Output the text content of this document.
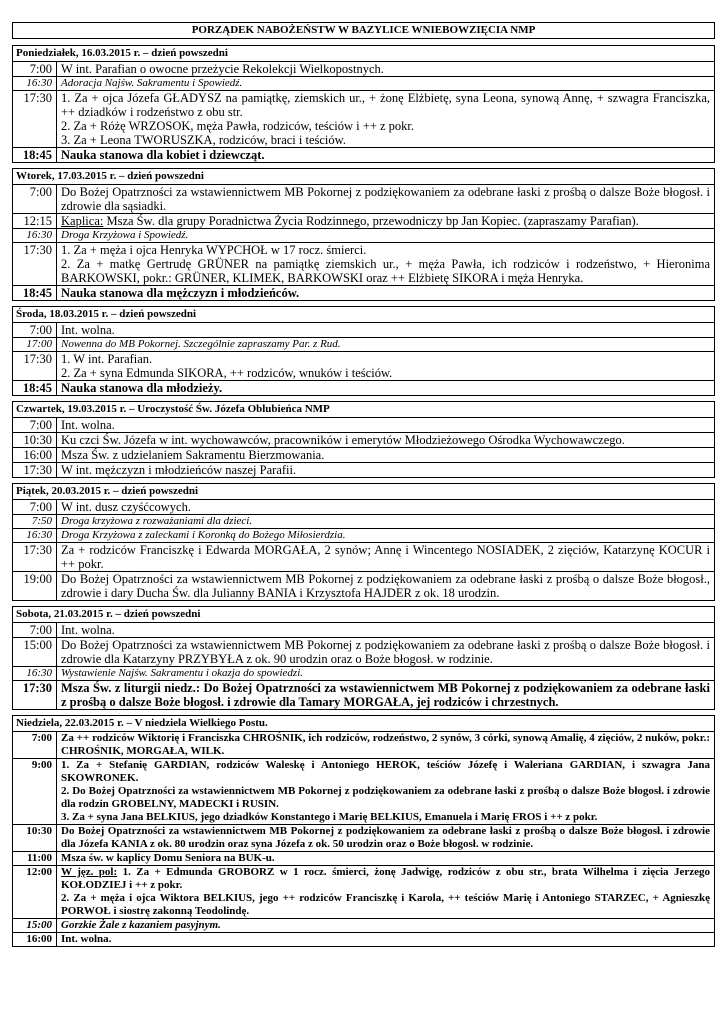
PORZĄDEK NABOŻEŃSTW W BAZYLICE WNIEBOWZIĘCIA NMP
Poniedziałek, 16.03.2015 r. – dzień powszedni
7:00 W int. Parafian o owocne przeżycie Rekolekcji Wielkopostnych.
16:30 Adoracja Najśw. Sakramentu i Spowiedź.
17:30 1. Za + ojca Józefa GŁADYSZ na pamiątkę, ziemskich ur., + żonę Elżbietę, syna Leona, synową Annę, + szwagra Franciszka, ++ dziadków i rodzeństwo z obu str.
2. Za + Różę WRZOSOK, męża Pawła, rodziców, teściów i ++ z pokr.
3. Za + Leona TWORUSZKA, rodziców, braci i teściów.
18:45 Nauka stanowa dla kobiet i dziewcząt.
Wtorek, 17.03.2015 r. – dzień powszedni
7:00 Do Bożej Opatrzności za wstawiennictwem MB Pokornej z podziękowaniem za odebrane łaski z prośbą o dalsze Boże błogosł. i zdrowie dla sąsiadki.
12:15 Kaplica: Msza Św. dla grupy Poradnictwa Życia Rodzinnego, przewodniczy bp Jan Kopiec. (zapraszamy Parafian).
16:30 Droga Krzyżowa i Spowiedź.
17:30 1. Za + męża i ojca Henryka WYPCHOŁ w 17 rocz. śmierci.
2. Za + matkę Gertrudę GRÜNER na pamiątkę ziemskich ur., + męża Pawła, ich rodziców i rodzeństwo, + Hieronima BARKOWSKI, pokr.: GRÜNER, KLIMEK, BARKOWSKI oraz ++ Elżbietę SIKORA i męża Henryka.
18:45 Nauka stanowa dla mężczyzn i młodzieńców.
Środa, 18.03.2015 r. – dzień powszedni
7:00 Int. wolna.
17:00 Nowenna do MB Pokornej. Szczególnie zapraszamy Par. z Rud.
17:30 1. W int. Parafian.
2. Za + syna Edmunda SIKORA, ++ rodziców, wnuków i teściów.
18:45 Nauka stanowa dla młodzieży.
Czwartek, 19.03.2015 r. – Uroczystość Św. Józefa Oblubieńca NMP
7:00 Int. wolna.
10:30 Ku czci Św. Józefa w int. wychowawców, pracowników i emerytów Młodzieżowego Ośrodka Wychowawczego.
16:00 Msza Św. z udzielaniem Sakramentu Bierzmowania.
17:30 W int. mężczyzn i młodzieńców naszej Parafii.
Piątek, 20.03.2015 r. – dzień powszedni
7:00 W int. dusz czyśćcowych.
7:50 Droga krzyżowa z rozważaniami dla dzieci.
16:30 Droga Krzyżowa z zaleckami i Koronką do Bożego Miłosierdzia.
17:30 Za + rodziców Franciszkę i Edwarda MORGAŁA, 2 synów; Annę i Wincentego NOSIADEK, 2 zięciów, Katarzynę KOCUR i ++ pokr.
19:00 Do Bożej Opatrzności za wstawiennictwem MB Pokornej z podziękowaniem za odebrane łaski z prośbą o dalsze Boże błogosł., zdrowie i dary Ducha Św. dla Julianny BANIA i Krzysztofa HAJDER z ok. 18 urodzin.
Sobota, 21.03.2015 r. – dzień powszedni
7:00 Int. wolna.
15:00 Do Bożej Opatrzności za wstawiennictwem MB Pokornej z podziękowaniem za odebrane łaski z prośbą o dalsze Boże błogosł. i zdrowie dla Katarzyny PRZYBYŁA z ok. 90 urodzin oraz o Boże błogosł. w rodzinie.
16:30 Wystawienie Najśw. Sakramentu i okazja do spowiedzi.
17:30 Msza Św. z liturgii niedz.: Do Bożej Opatrzności za wstawiennictwem MB Pokornej z podziękowaniem za odebrane łaski z prośbą o dalsze Boże błogosł. i zdrowie dla Tamary MORGAŁA, jej rodziców i chrzestnych.
Niedziela, 22.03.2015 r. – V niedziela Wielkiego Postu.
7:00 Za ++ rodziców Wiktorię i Franciszka CHROŚNIK, ich rodziców, rodzeństwo, 2 synów, 3 córki, synową Amalię, 4 zięciów, 2 nuków, pokr.: CHROŚNIK, MORGAŁA, WILK.
9:00 1. Za + Stefanię GARDIAN, rodziców Waleskę i Antoniego HEROK, teściów Józefę i Waleriana GARDIAN, i szwagra Jana SKOWRONEK.
2. Do Bożej Opatrzności za wstawiennictwem MB Pokornej z podziękowaniem za odebrane łaski z prośbą o dalsze Boże błogosł. i zdrowie dla rodzin GROBELNY, MADECKI i RUSIN.
3. Za + syna Jana BELKIUS, jego dziadków Konstantego i Marię BELKIUS, Emanuela i Marię FROS i ++ z pokr.
10:30 Do Bożej Opatrzności za wstawiennictwem MB Pokornej z podziękowaniem za odebrane łaski z prośbą o dalsze Boże błogosł. i zdrowie dla Józefa KANIA z ok. 80 urodzin oraz syna Józefa z ok. 50 urodzin oraz o Boże błogosł. w rodzinie.
11:00 Msza św. w kaplicy Domu Seniora na BUK-u.
12:00 W jęz. pol: 1. Za + Edmunda GROBORZ w 1 rocz. śmierci, żonę Jadwigę, rodziców z obu str., brata Wilhelma i zięcia Jerzego KOŁODZIEJ i ++ z pokr.
2. Za + męża i ojca Wiktora BELKIUS, jego ++ rodziców Franciszkę i Karola, ++ teściów Marię i Antoniego STARZEC, + Agnieszkę PORWOŁ i siostrę zakonną Teodolindę.
15:00 Gorzkie Żale z kazaniem pasyjnym.
16:00 Int. wolna.
